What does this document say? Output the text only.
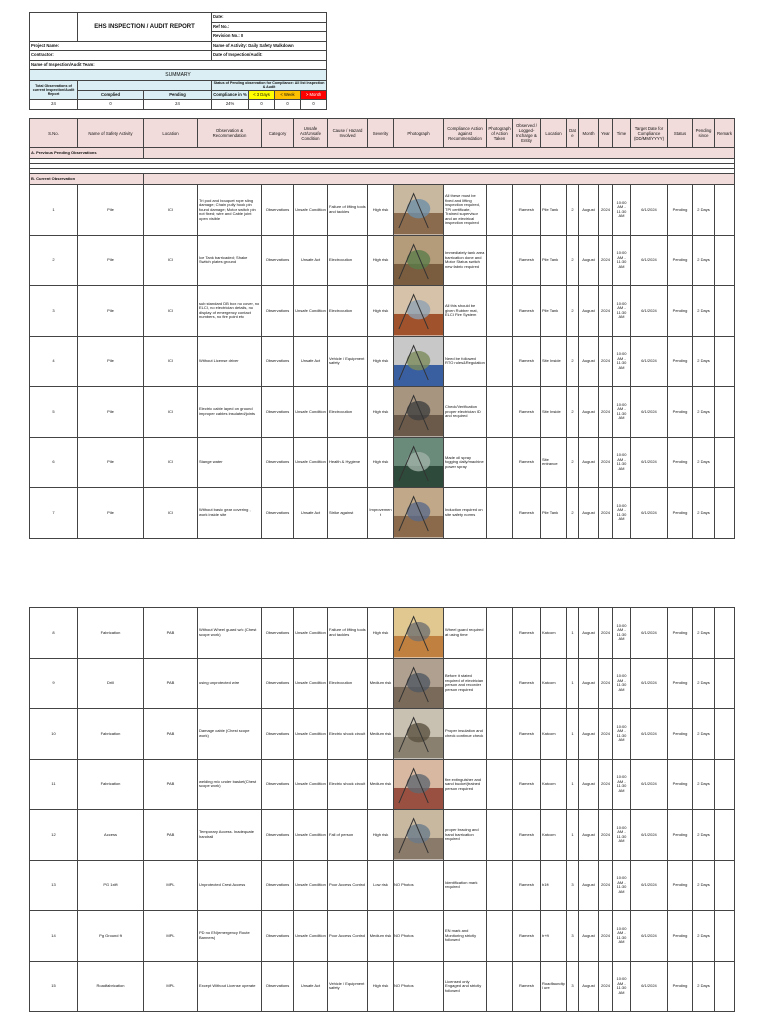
	EHS INSPECTION / AUDIT REPORT		Date:			
			Ref No.:			
			Revision No.: 0			
Project Name:			Name of Activity: Daily Safety Walkdown			
Contractor:			Date of Inspection/Audit:			
Name of Inspection/Audit Team:						
SUMMARY						
Total Observations of current Inspection/Audit Report			Status of Pending observation for Compliance: All list Inspection & Audit			
	Complied	Pending	Compliance in %	< 3 Days	< Week	> Month
24	0	24	24%	0	0	0
S.No.	Name of Safety Activity	Location	Observation & Recommendation	Category	Unsafe Act/Unsafe Condition	Cause / Hazard Involved	Severity	Photograph	Compliance Action against Recommendation	Photograph of Action Taken	Observed / Logged-Incharge & Entity	Location	Date	Month	Year	Time	Target Date for Compliance (DD/MM/YYYY)	Status	Pending since	Remark
A. Previous Pending Observations																				

B. Current Observation																				
1	Pile	ICI	Tri pod and bouquet rope sling damage; Chain pully hook pin found damage; Motor switch pin not fixed; wire and Cable joint open visible	Observations	Unsafe Condition	Failure of lifting tools and tackles	High risk		All these must be fixed and lifting inspection required, TPI certificate, Trained supervisor and an electrical inspection required		Ramesh	Pile Tank	2	August	2024	10:00 AM - 11:30 AM	6/1/2024	Pending	2 Days	
2	Pile	ICI	Ice Tank barricaded; Shake Switch plates ground	Observations	Unsafe Act	Electrocution	High risk		Immediately tank area barrication done and Motor Status switch new fabric required		Ramesh	Pile Tank	2	August	2024	10:00 AM - 11:30 AM	6/1/2024	Pending	2 Days	
3	Pile	ICI	sub standard DB box no cover, no ELCI, no electrician details, no display of emergency contact numbers, no fire point etc	Observations	Unsafe Condition	Electrocution	High risk		All this should be given Rubber mat, ELCI Fire System		Ramesh	Pile Tank	2	August	2024	10:00 AM - 11:30 AM	6/1/2024	Pending	2 Days	
4	Pile	ICI	Without License driver	Observations	Unsafe Act	Vehicle / Equipment safety	High risk		Need be followed RTO rules&Regulation		Ramesh	Site Inside	2	August	2024	10:00 AM - 11:30 AM	6/1/2024	Pending	2 Days	
5	Pile	ICI	Electric cable layed on ground improper cables insulated/joints	Observations	Unsafe Condition	Electrocution	High risk		Check/Verification proper electrician ID and required		Ramesh	Site Inside	2	August	2024	10:00 AM - 11:30 AM	6/1/2024	Pending	2 Days	
6	Pile	ICI	Stange water	Observations	Unsafe Condition	Health & Hygiene	High risk		Made oil spray fogging daily/machine power spray		Ramesh	Site entrance	2	August	2024	10:00 AM - 11:30 AM	6/1/2024	Pending	2 Days	
7	Pile	ICI	Without basic gear covering , work inside site	Observations	Unsafe Act	Strike against	Improvement		Induction required on site safety norms		Ramesh	Pile Tank	2	August	2024	10:00 AM - 11:30 AM	6/1/2024	Pending	2 Days	
8	Fabrication	PAB	Without Wheel guard w/c (Chest scope work)	Observations	Unsafe Condition	Failure of lifting tools and tackles	High risk		Wheel guard required at using time		Ramesh	Katcom	1	August	2024	10:00 AM - 11:30 AM	6/1/2024	Pending	2 Days	
9	Drill	PAB	using unprotected wire	Observations	Unsafe Condition	Electrocution	Medium risk		Before it stated required of electrician person and recorder person required		Ramesh	Katcom	1	August	2024	10:00 AM - 11:30 AM	6/1/2024	Pending	2 Days	
10	Fabrication	PAB	Damage cable (Chest scope work)	Observations	Unsafe Condition	Electric shock circuit	Medium risk		Proper insulation and check continue check		Ramesh	Katcom	1	August	2024	10:00 AM - 11:30 AM	6/1/2024	Pending	2 Days	
11	Fabrication	PAB	welding m/c under basket(Chest scope work)	Observations	Unsafe Condition	Electric shock circuit	Medium risk		fire extinguisher and sand bucket(trained person required		Ramesh	Katcom	1	August	2024	10:00 AM - 11:30 AM	6/1/2024	Pending	2 Days	
12	Access	PAB	Temporary Access. Inadequate handrail	Observations	Unsafe Condition	Fall of person	High risk		proper bracing and hand barrication required		Ramesh	Katcom	1	August	2024	10:00 AM - 11:30 AM	6/1/2024	Pending	2 Days	
13	PG 1xlft	MPL	Unprotected Crest Access	Observations	Unsafe Condition	Poor Access Control	Low risk	NO Photos	Identification mark required		Ramesh	b1ft	3	August	2024	10:00 AM - 11:30 AM	6/1/2024	Pending	2 Days	
14	Pg Ground ft	MPL	PD no EN(emergency Route Banners)	Observations	Unsafe Condition	Poor Access Control	Medium risk	NO Photos	EN mark and Monitoring strictly followed		Ramesh	b+ft	3	August	2024	10:00 AM - 11:30 AM	6/1/2024	Pending	2 Days	
15	Roadfabrication	MPL	Except Without License operate	Observations	Unsafe Act	Vehicle / Equipment safety	High risk	NO Photos	Licensed only Engaged and strictly followed		Ramesh	Roadfaundtpl ure	3	August	2024	10:00 AM - 11:30 AM	6/1/2024	Pending	2 Days	
